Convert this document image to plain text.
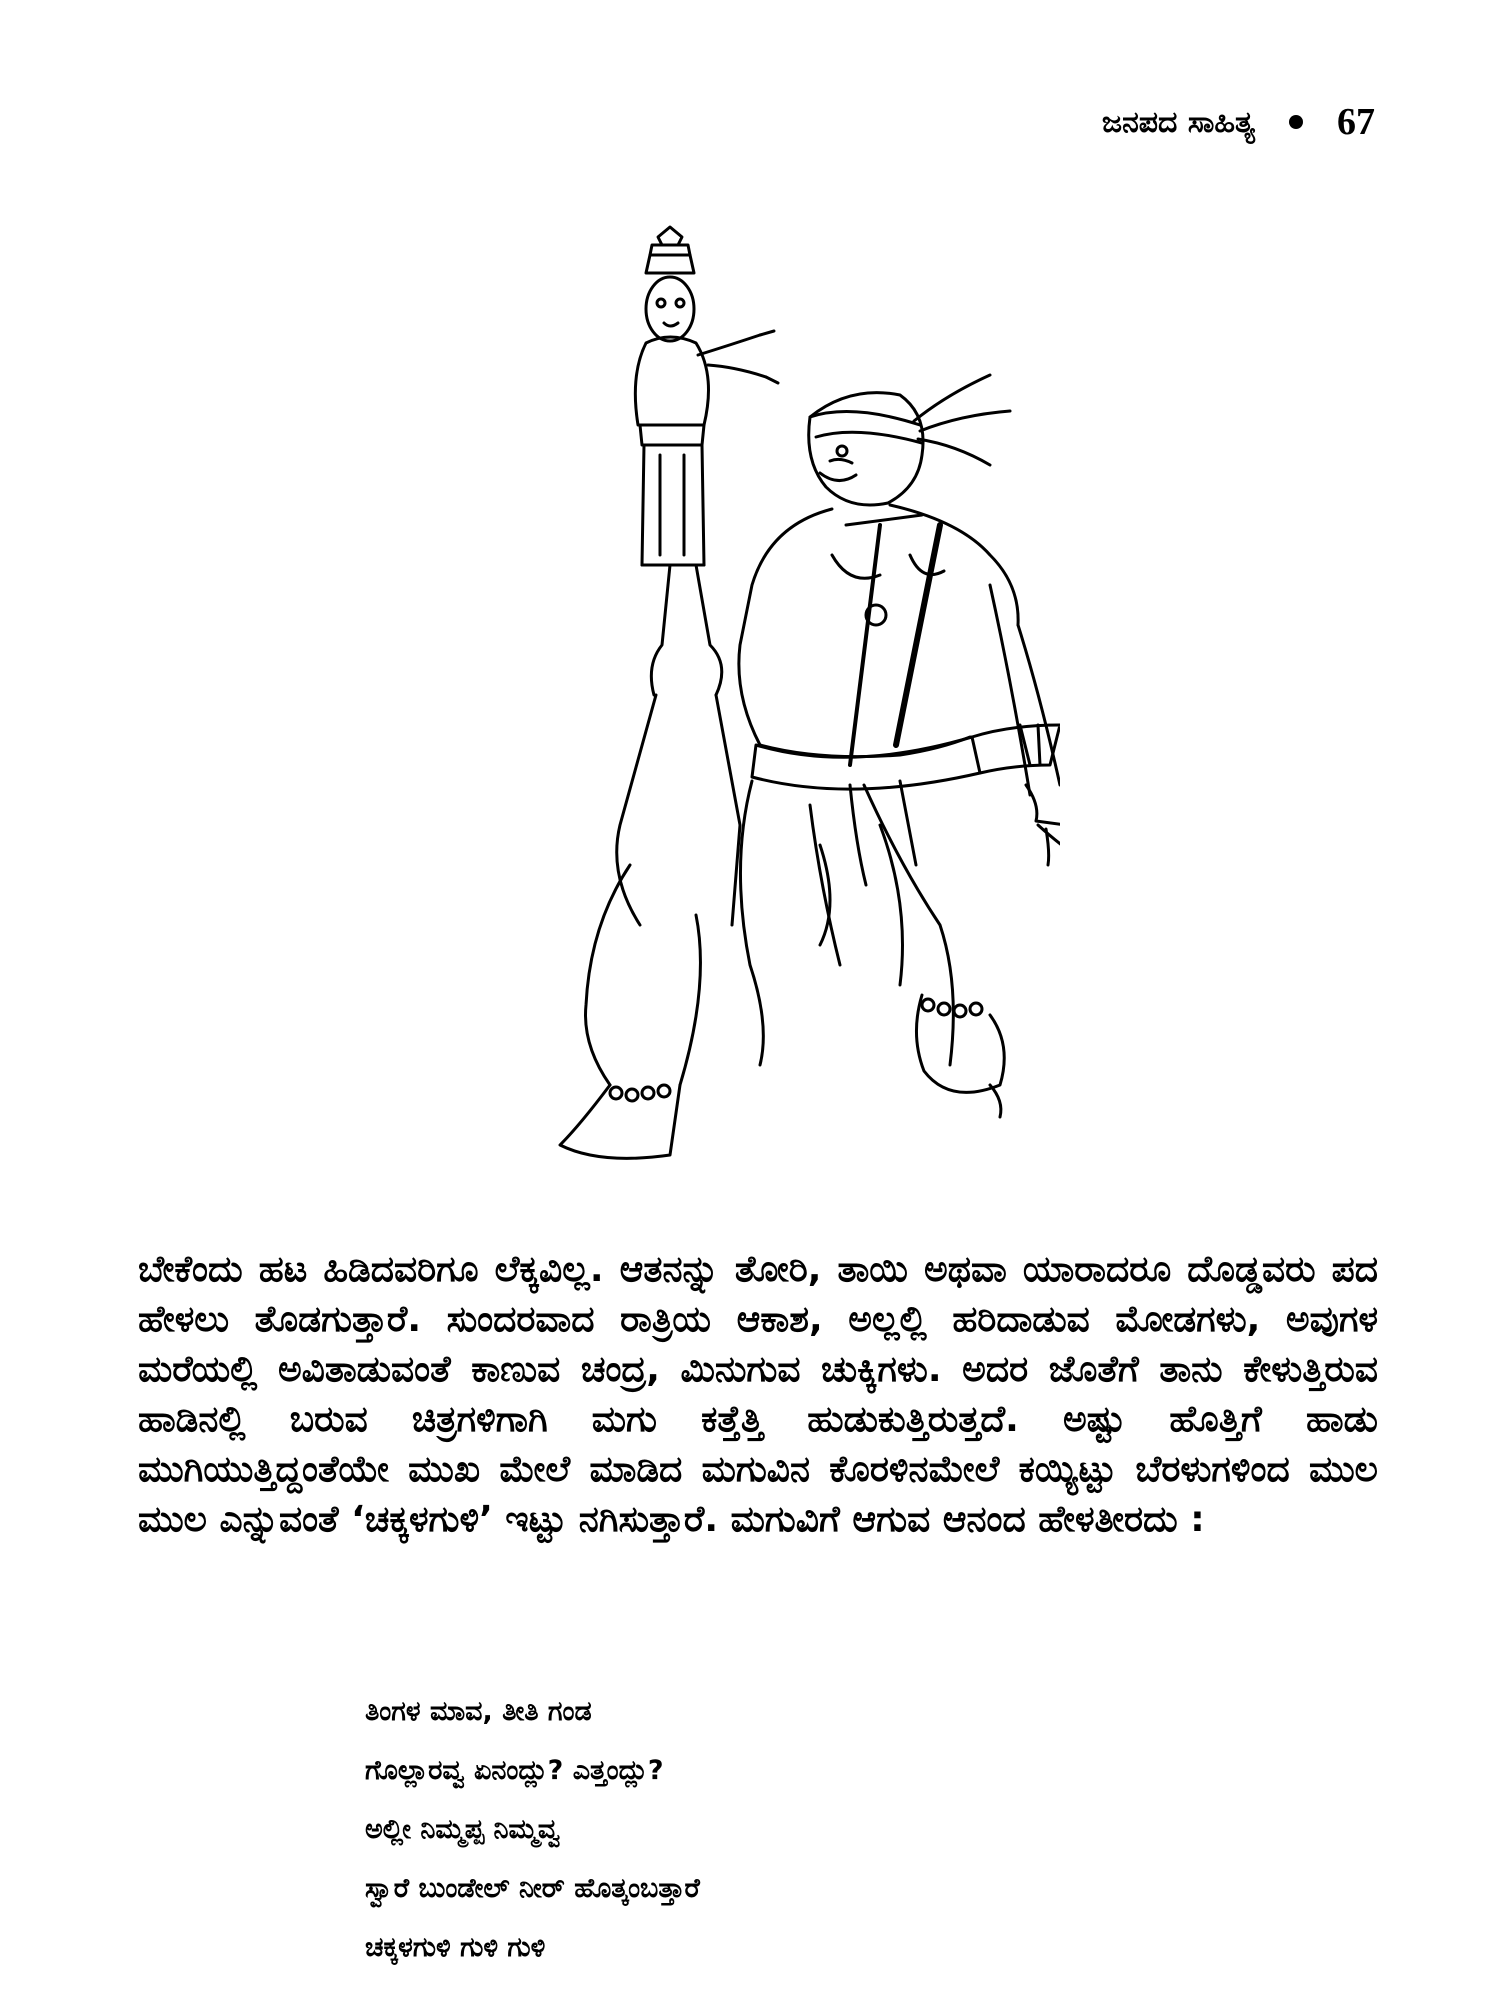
ಜನಪದ ಸಾಹಿತ್ಯ 67

ಬೇಕೆಂದು ಹಟ ಹಿಡಿದವರಿಗೂ ಲೆಕ್ಕವಿಲ್ಲ. ಆತನನ್ನು ತೋರಿ, ತಾಯಿ ಅಥವಾ ಯಾರಾದರೂ ದೊಡ್ಡವರು ಪದ ಹೇಳಲು ತೊಡಗುತ್ತಾರೆ. ಸುಂದರವಾದ ರಾತ್ರಿಯ ಆಕಾಶ, ಅಲ್ಲಲ್ಲಿ ಹರಿದಾಡುವ ಮೋಡಗಳು, ಅವುಗಳ ಮರೆಯಲ್ಲಿ ಅವಿತಾಡುವಂತೆ ಕಾಣುವ ಚಂದ್ರ, ಮಿನುಗುವ ಚುಕ್ಕಿಗಳು. ಅದರ ಜೊತೆಗೆ ತಾನು ಕೇಳುತ್ತಿರುವ ಹಾಡಿನಲ್ಲಿ ಬರುವ ಚಿತ್ರಗಳಿಗಾಗಿ ಮಗು ಕತ್ತೆತ್ತಿ ಹುಡುಕುತ್ತಿರುತ್ತದೆ. ಅಷ್ಟು ಹೊತ್ತಿಗೆ ಹಾಡು ಮುಗಿಯುತ್ತಿದ್ದಂತೆಯೇ ಮುಖ ಮೇಲೆ ಮಾಡಿದ ಮಗುವಿನ ಕೊರಳಿನಮೇಲೆ ಕಯ್ಯಿಟ್ಟು ಬೆರಳುಗಳಿಂದ ಮುಲ ಮುಲ ಎನ್ನುವಂತೆ ‘ಚಕ್ಕಳಗುಳಿ’ ಇಟ್ಟು ನಗಿಸುತ್ತಾರೆ. ಮಗುವಿಗೆ ಆಗುವ ಆನಂದ ಹೇಳತೀರದು :

ತಿಂಗಳ ಮಾವ, ತೀತಿ ಗಂಡ
ಗೊಲ್ಲಾರವ್ವ ಏನಂದ್ಲು? ಎತ್ತಂದ್ಲು?
ಅಲ್ಲೀ ನಿಮ್ಮಪ್ಪ ನಿಮ್ಮವ್ವ
ಸ್ವಾರೆ ಬುಂಡೇಲ್ ನೀರ್ ಹೊತ್ಕಂಬತ್ತಾರೆ
ಚಕ್ಕಳಗುಳಿ ಗುಳಿ ಗುಳಿ
